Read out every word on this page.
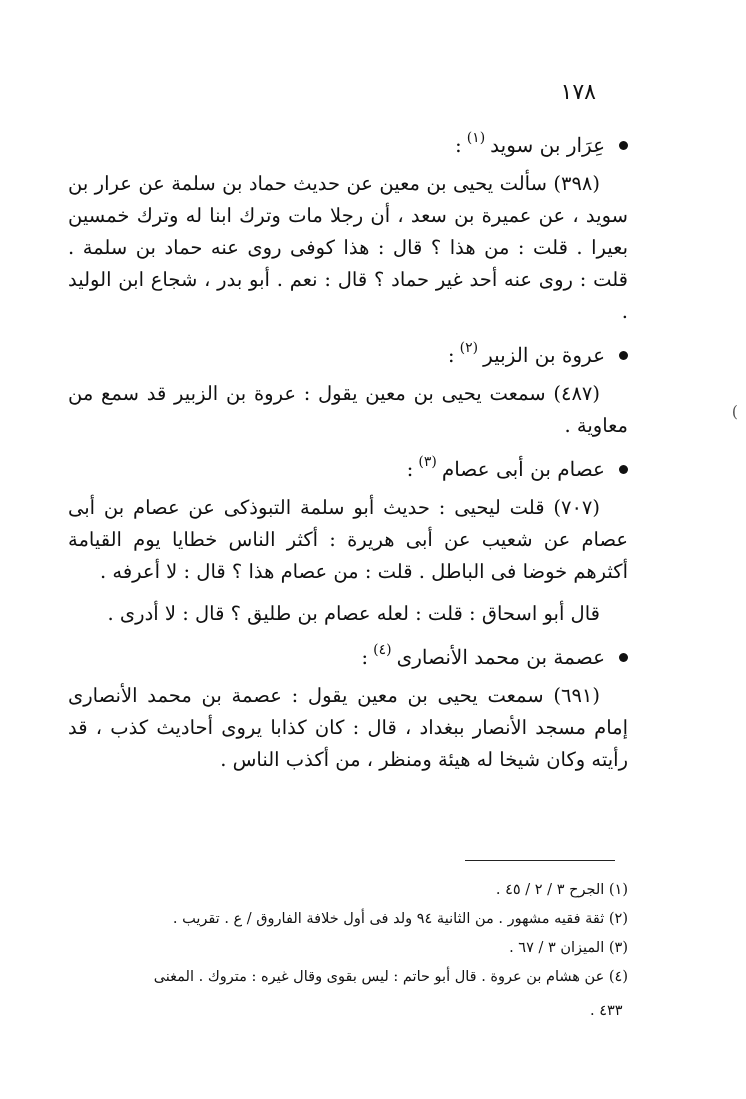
١٧٨
(
عِرَار بن سويد
(١)
:

(٣٩٨) سألت يحيى بن معين عن حديث حماد بن سلمة عن عرار بن سويد ، عن عميرة بن سعد ، أن رجلا مات وترك ابنا له وترك خمسين بعيرا . قلت : من هذا ؟ قال : هذا كوفى روى عنه حماد بن سلمة . قلت : روى عنه أحد غير حماد ؟ قال : نعم . أبو بدر ، شجاع ابن الوليد .

عروة بن الزبير
(٢)
:

(٤٨٧) سمعت يحيى بن معين يقول : عروة بن الزبير قد سمع من معاوية .

عصام بن أبى عصام
(٣)
:

(٧٠٧) قلت ليحيى : حديث أبو سلمة التبوذكى عن عصام بن أبى عصام عن شعيب عن أبى هريرة : أكثر الناس خطايا يوم القيامة أكثرهم خوضا فى الباطل . قلت : من عصام هذا ؟ قال : لا أعرفه .

قال أبو اسحاق : قلت : لعله عصام بن طليق ؟ قال : لا أدرى .

عصمة بن محمد الأنصارى
(٤)
:

(٦٩١) سمعت يحيى بن معين يقول : عصمة بن محمد الأنصارى إمام مسجد الأنصار ببغداد ، قال : كان كذابا يروى أحاديث كذب ، قد رأيته وكان شيخا له هيئة ومنظر ، من أكذب الناس .

(١) الجرح ٣ / ٢ / ٤٥ .
(٢) ثقة فقيه مشهور . من الثانية ٩٤ ولد فى أول خلافة الفاروق / ع . تقريب .
(٣) الميزان ٣ / ٦٧ .
(٤) عن هشام بن عروة . قال أبو حاتم : ليس بقوى وقال غيره : متروك . المغنى
٤٣٣ .
